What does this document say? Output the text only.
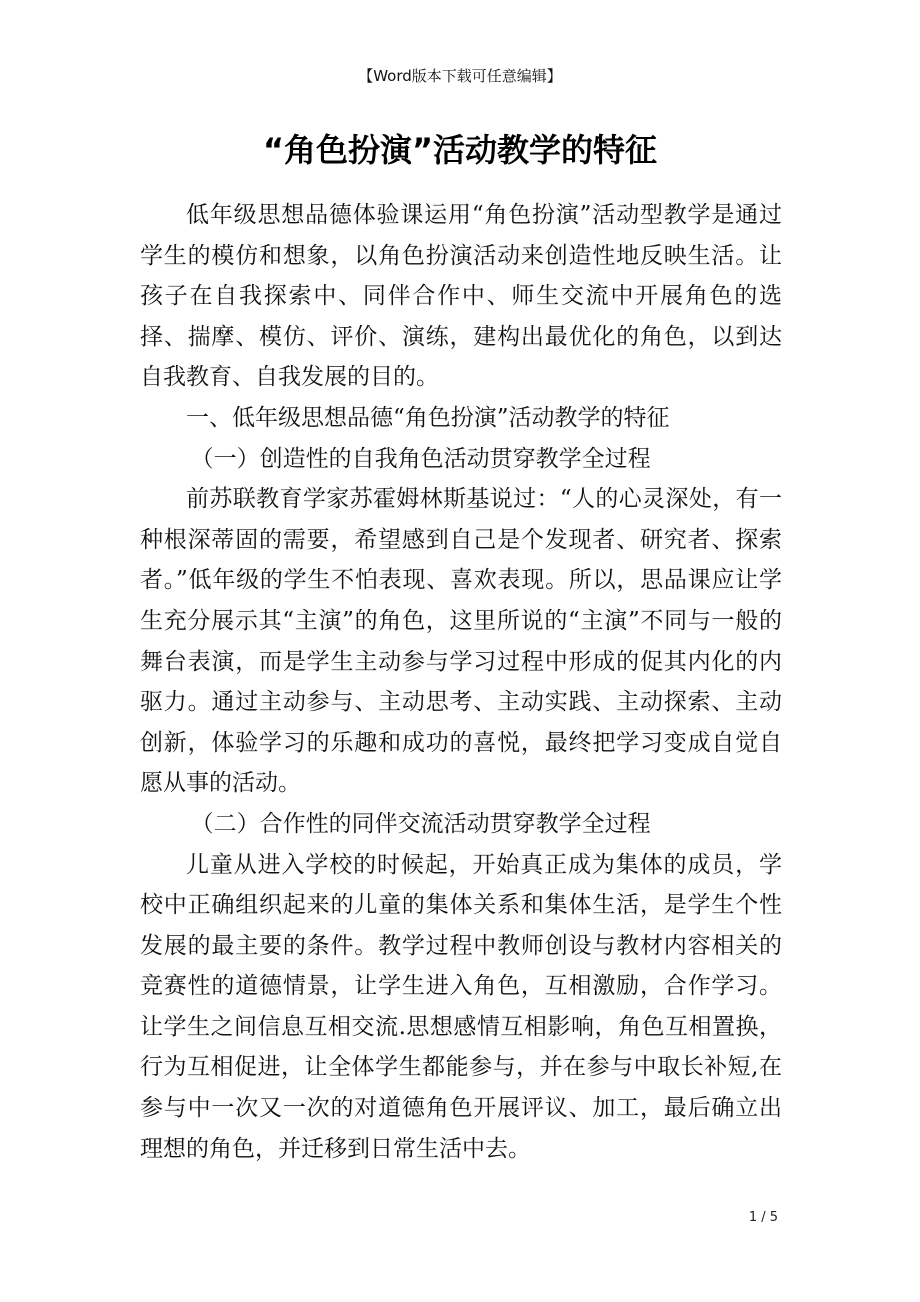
【Word版本下载可任意编辑】
“角色扮演”活动教学的特征

低年级思想品德体验课运用“角色扮演”活动型教学是通过学生的模仿和想象，以角色扮演活动来创造性地反映生活。让孩子在自我探索中、同伴合作中、师生交流中开展角色的选择、揣摩、模仿、评价、演练，建构出最优化的角色，以到达自我教育、自我发展的目的。

一、低年级思想品德“角色扮演”活动教学的特征

（一）创造性的自我角色活动贯穿教学全过程

前苏联教育学家苏霍姆林斯基说过：“人的心灵深处，有一种根深蒂固的需要，希望感到自己是个发现者、研究者、探索者。”低年级的学生不怕表现、喜欢表现。所以，思品课应让学生充分展示其“主演”的角色，这里所说的“主演”不同与一般的舞台表演，而是学生主动参与学习过程中形成的促其内化的内驱力。通过主动参与、主动思考、主动实践、主动探索、主动创新，体验学习的乐趣和成功的喜悦，最终把学习变成自觉自愿从事的活动。

（二）合作性的同伴交流活动贯穿教学全过程

儿童从进入学校的时候起，开始真正成为集体的成员，学校中正确组织起来的儿童的集体关系和集体生活，是学生个性发展的最主要的条件。教学过程中教师创设与教材内容相关的竞赛性的道德情景，让学生进入角色，互相激励，合作学习。让学生之间信息互相交流.思想感情互相影响，角色互相置换，行为互相促进，让全体学生都能参与，并在参与中取长补短,在参与中一次又一次的对道德角色开展评议、加工，最后确立出理想的角色，并迁移到日常生活中去。

1 / 5
